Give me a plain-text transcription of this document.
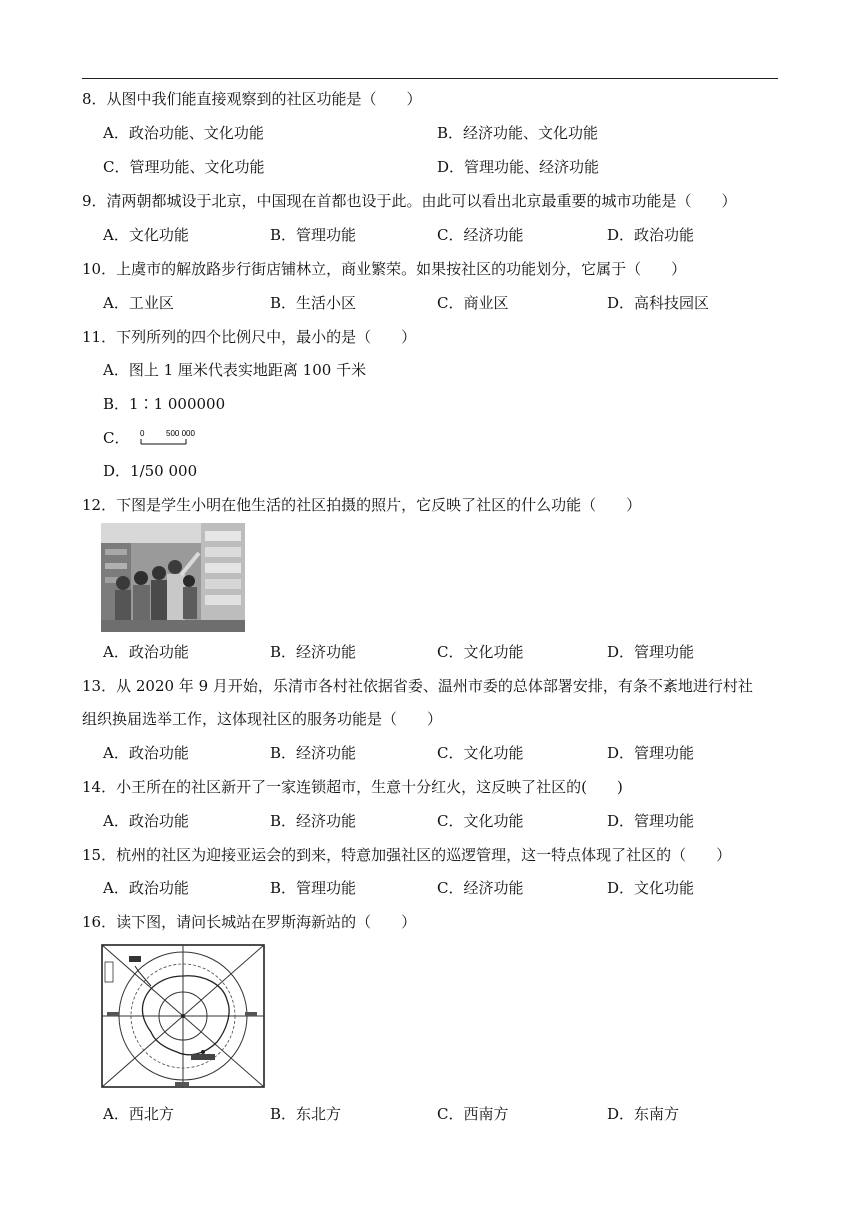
8．从图中我们能直接观察到的社区功能是（　　）
A．政治功能、文化功能	B．经济功能、文化功能
C．管理功能、文化功能	D．管理功能、经济功能
9．清两朝都城设于北京，中国现在首都也设于此。由此可以看出北京最重要的城市功能是（　　）
A．文化功能	B．管理功能	C．经济功能	D．政治功能
10．上虞市的解放路步行街店铺林立，商业繁荣。如果按社区的功能划分，它属于（　　）
A．工业区	B．生活小区	C．商业区	D．高科技园区
11．下列所列的四个比例尺中，最小的是（　　）
A．图上 1 厘米代表实地距离 100 千米
B．1∶1 000000
C． 0	500 000
D．1/50 000
12．下图是学生小明在他生活的社区拍摄的照片，它反映了社区的什么功能（　　）
A．政治功能	B．经济功能	C．文化功能	D．管理功能
13．从 2020 年 9 月开始，乐清市各村社依据省委、温州市委的总体部署安排，有条不紊地进行村社
组织换届选举工作，这体现社区的服务功能是（　　）
A．政治功能	B．经济功能	C．文化功能	D．管理功能
14．小王所在的社区新开了一家连锁超市，生意十分红火，这反映了社区的(　　)
A．政治功能	B．经济功能	C．文化功能	D．管理功能
15．杭州的社区为迎接亚运会的到来，特意加强社区的巡逻管理，这一特点体现了社区的（　　）
A．政治功能	B．管理功能	C．经济功能	D．文化功能
16．读下图，请问长城站在罗斯海新站的（　　）
A．西北方	B．东北方	C．西南方	D．东南方
